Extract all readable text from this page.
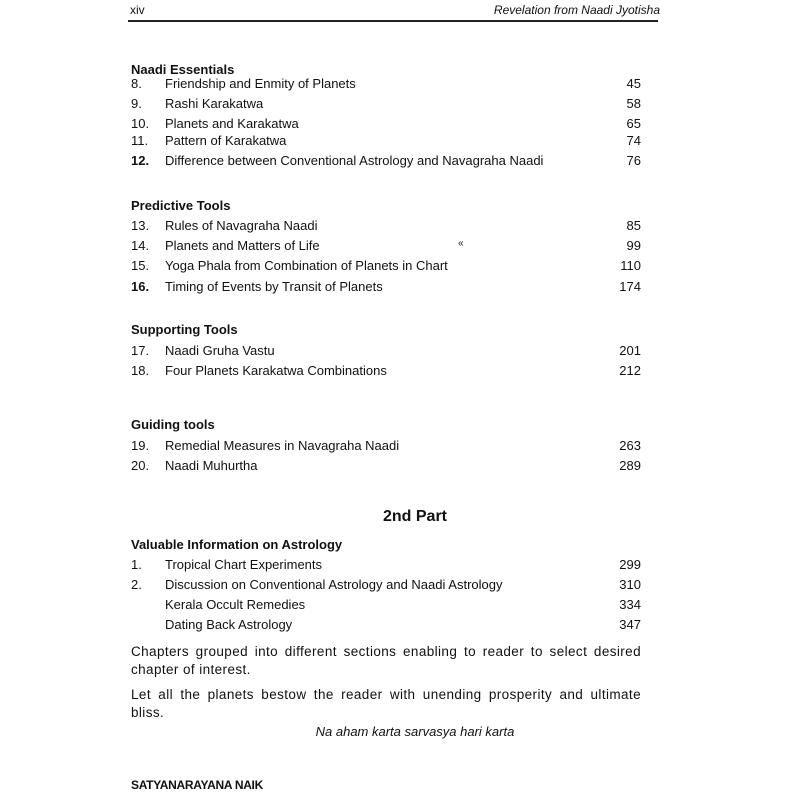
xiv	Revelation from Naadi Jyotisha
Naadi Essentials
8. Friendship and Enmity of Planets	45
9. Rashi Karakatwa	58
10. Planets and Karakatwa	65
11. Pattern of Karakatwa	74
12. Difference between Conventional Astrology and Navagraha Naadi	76
Predictive Tools
13. Rules of Navagraha Naadi	85
14. Planets and Matters of Life	99
15. Yoga Phala from Combination of Planets in Chart	110
16. Timing of Events by Transit of Planets	174
Supporting Tools
17. Naadi Gruha Vastu	201
18. Four Planets Karakatwa Combinations	212
Guiding tools
19. Remedial Measures in Navagraha Naadi	263
20. Naadi Muhurtha	289
Valuable Information on Astrology
1. Tropical Chart Experiments	299
2. Discussion on Conventional Astrology and Naadi Astrology	310
Kerala Occult Remedies	334
Dating Back Astrology	347
«
2nd Part
Chapters grouped into different sections enabling to reader to select desired chapter of interest.
Let all the planets bestow the reader with unending prosperity and ultimate bliss.
Na aham karta sarvasya hari karta
SATYANARAYANA NAIK
